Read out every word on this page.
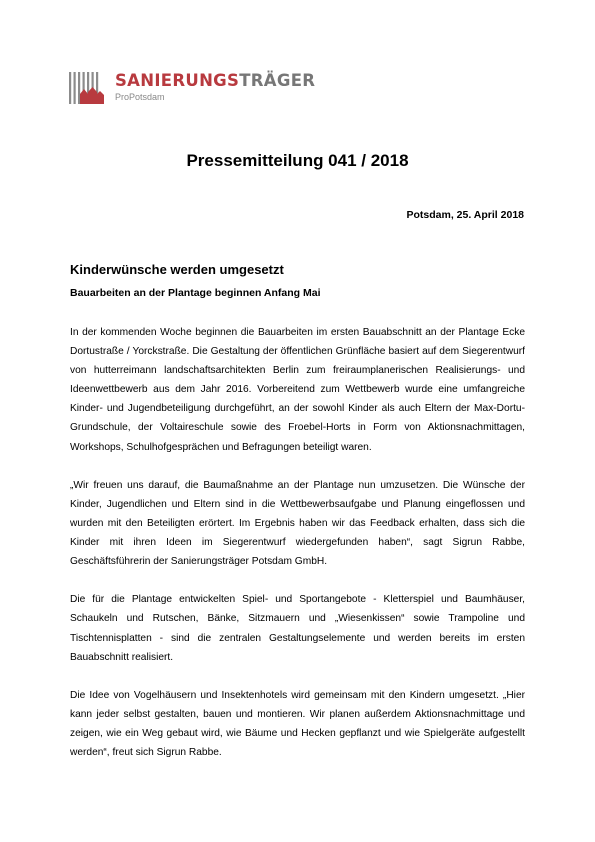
SANIERUNGSTRÄGER
ProPotsdam
Pressemitteilung 041 / 2018
Potsdam, 25. April 2018
Kinderwünsche werden umgesetzt
Bauarbeiten an der Plantage beginnen Anfang Mai

In der kommenden Woche beginnen die Bauarbeiten im ersten Bauabschnitt an der Plantage Ecke Dortustraße / Yorckstraße. Die Gestaltung der öffentlichen Grünfläche basiert auf dem Siegerentwurf von hutterreimann landschaftsarchitekten Berlin zum freiraumplanerischen Realisierungs- und Ideenwettbewerb aus dem Jahr 2016. Vorbereitend zum Wettbewerb wurde eine umfangreiche Kinder- und Jugendbeteiligung durchgeführt, an der sowohl Kinder als auch Eltern der Max-Dortu-Grundschule, der Voltaireschule sowie des Froebel-Horts in Form von Aktionsnachmittagen, Workshops, Schulhofgesprächen und Befragungen beteiligt waren.

„Wir freuen uns darauf, die Baumaßnahme an der Plantage nun umzusetzen. Die Wünsche der Kinder, Jugendlichen und Eltern sind in die Wettbewerbsaufgabe und Planung eingeflossen und wurden mit den Beteiligten erörtert. Im Ergebnis haben wir das Feedback erhalten, dass sich die Kinder mit ihren Ideen im Siegerentwurf wiedergefunden haben“, sagt Sigrun Rabbe, Geschäftsführerin der Sanierungsträger Potsdam GmbH.

Die für die Plantage entwickelten Spiel- und Sportangebote - Kletterspiel und Baumhäuser, Schaukeln und Rutschen, Bänke, Sitzmauern und „Wiesenkissen“ sowie Trampoline und Tischtennisplatten - sind die zentralen Gestaltungselemente und werden bereits im ersten Bauabschnitt realisiert.

Die Idee von Vogelhäusern und Insektenhotels wird gemeinsam mit den Kindern umgesetzt. „Hier kann jeder selbst gestalten, bauen und montieren. Wir planen außerdem Aktionsnachmittage und zeigen, wie ein Weg gebaut wird, wie Bäume und Hecken gepflanzt und wie Spielgeräte aufgestellt werden“, freut sich Sigrun Rabbe.
